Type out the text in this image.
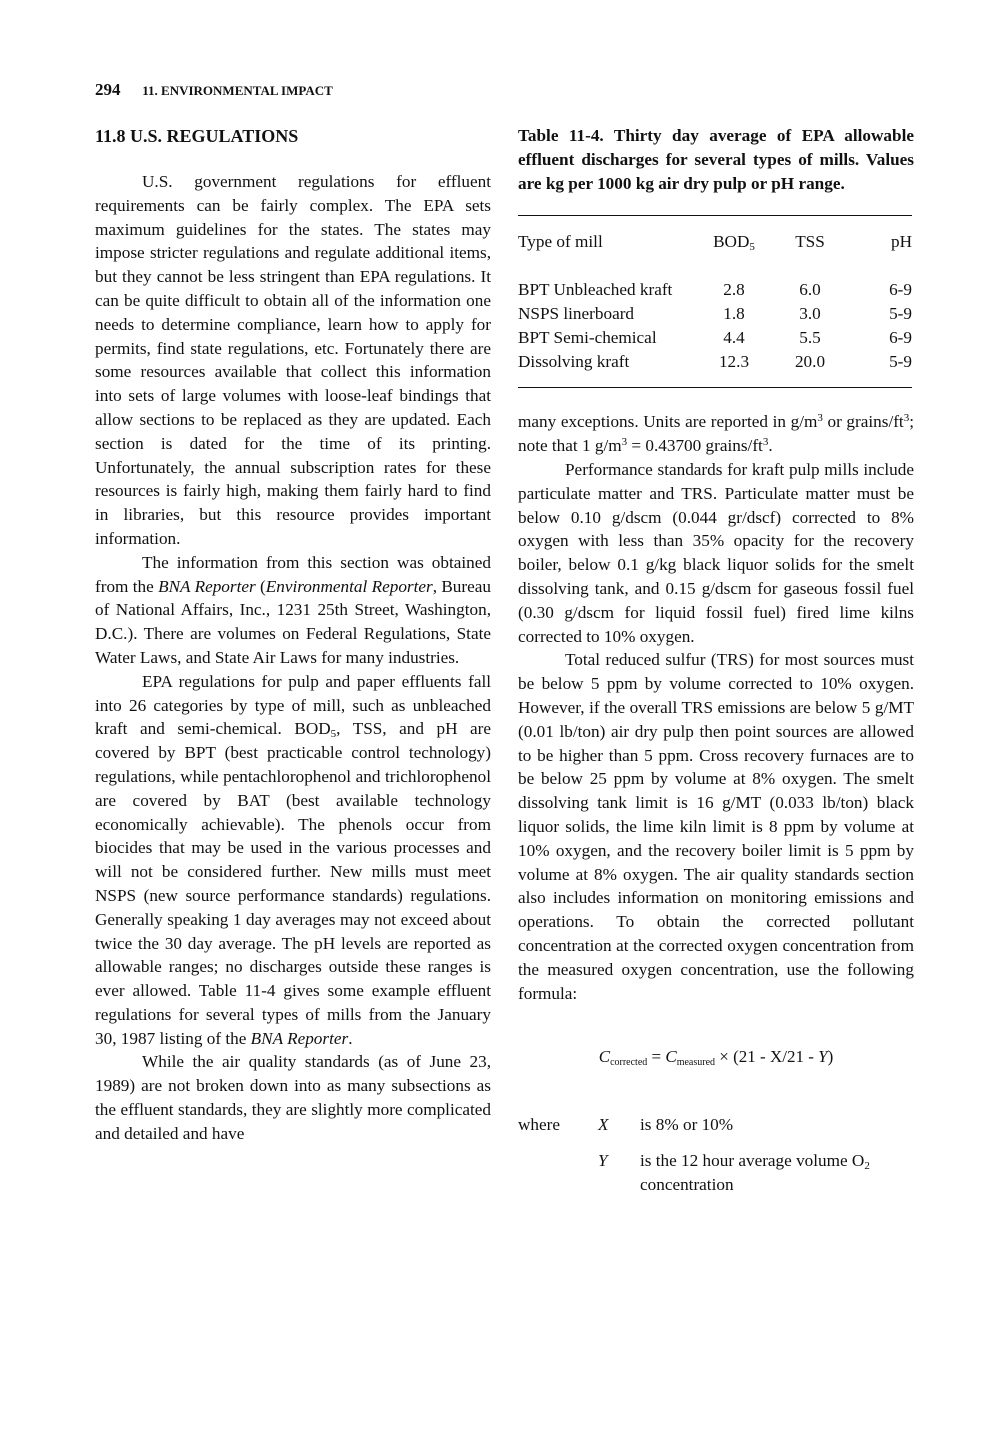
294 11. ENVIRONMENTAL IMPACT
11.8 U.S. REGULATIONS

U.S. government regulations for effluent requirements can be fairly complex. The EPA sets maximum guidelines for the states. The states may impose stricter regulations and regulate additional items, but they cannot be less stringent than EPA regulations. It can be quite difficult to obtain all of the information one needs to determine compliance, learn how to apply for permits, find state regulations, etc. Fortunately there are some resources available that collect this information into sets of large volumes with loose-leaf bindings that allow sections to be replaced as they are updated. Each section is dated for the time of its printing. Unfortunately, the annual subscription rates for these resources is fairly high, making them fairly hard to find in libraries, but this resource provides important information.

The information from this section was obtained from the BNA Reporter (Environmental Reporter, Bureau of National Affairs, Inc., 1231 25th Street, Washington, D.C.). There are volumes on Federal Regulations, State Water Laws, and State Air Laws for many industries.

EPA regulations for pulp and paper effluents fall into 26 categories by type of mill, such as unbleached kraft and semi-chemical. $BOD_5$, TSS, and pH are covered by BPT (best practicable control technology) regulations, while pentachlorophenol and trichlorophenol are covered by BAT (best available technology economically achievable). The phenols occur from biocides that may be used in the various processes and will not be considered further. New mills must meet NSPS (new source performance standards) regulations. Generally speaking 1 day averages may not exceed about twice the 30 day average. The pH levels are reported as allowable ranges; no discharges outside these ranges is ever allowed. Table 11-4 gives some example effluent regulations for several types of mills from the January 30, 1987 listing of the BNA Reporter.

While the air quality standards (as of June 23, 1989) are not broken down into as many subsections as the effluent standards, they are slightly more complicated and detailed and have

Table 11-4. Thirty day average of EPA allowable effluent discharges for several types of mills. Values are kg per 1000 kg air dry pulp or pH range.
Type of mill	$BOD_5$	TSS	pH
BPT Unbleached kraft	2.8	6.0	6-9
NSPS linerboard	1.8	3.0	5-9
BPT Semi-chemical	4.4	5.5	6-9
Dissolving kraft	12.3	20.0	5-9

many exceptions. Units are reported in $g/m^3$ or grains/$ft^3$; note that 1 $g/m^3 = 0.43700$ grains/$ft^3$.

Performance standards for kraft pulp mills include particulate matter and TRS. Particulate matter must be below 0.10 g/dscm (0.044 gr/dscf) corrected to 8% oxygen with less than 35% opacity for the recovery boiler, below 0.1 g/kg black liquor solids for the smelt dissolving tank, and 0.15 g/dscm for gaseous fossil fuel (0.30 g/dscm for liquid fossil fuel) fired lime kilns corrected to 10% oxygen.

Total reduced sulfur (TRS) for most sources must be below 5 ppm by volume corrected to 10% oxygen. However, if the overall TRS emissions are below 5 g/MT (0.01 lb/ton) air dry pulp then point sources are allowed to be higher than 5 ppm. Cross recovery furnaces are to be below 25 ppm by volume at 8% oxygen. The smelt dissolving tank limit is 16 g/MT (0.033 lb/ton) black liquor solids, the lime kiln limit is 8 ppm by volume at 10% oxygen, and the recovery boiler limit is 5 ppm by volume at 8% oxygen. The air quality standards section also includes information on monitoring emissions and operations. To obtain the corrected pollutant concentration at the corrected oxygen concentration from the measured oxygen concentration, use the following formula:

Ccorrected = Cmeasured × (21 - X/21 - Y)
where	X	is 8% or 10%
Y	is the 12 hour average volume $O_2$ concentration
